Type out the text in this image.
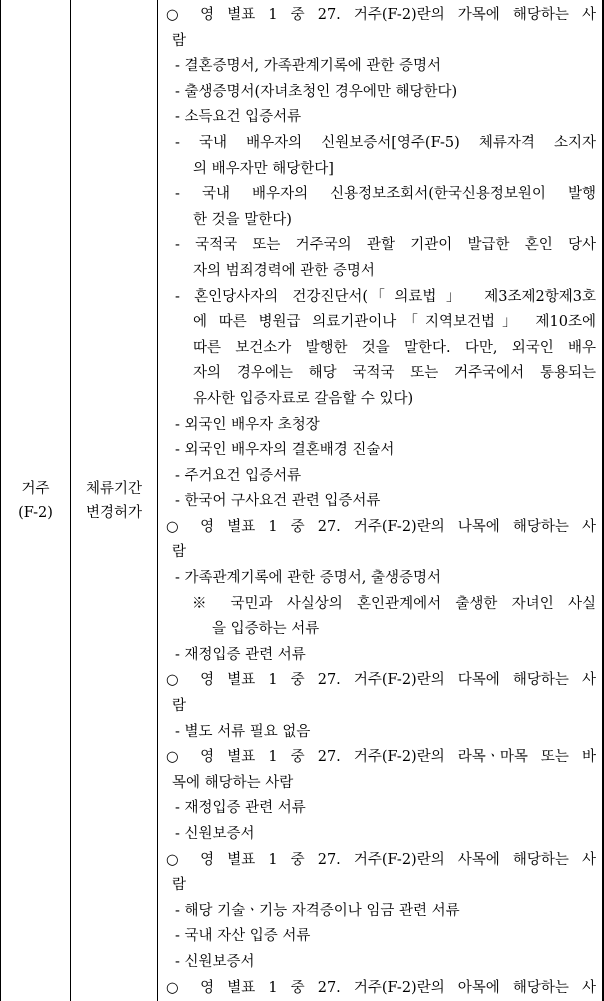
거주
(F-2)
체류기간
변경허가
○ 영 별표 1 중 27. 거주(F-2)란의 가목에 해당하는 사
람
- 결혼증명서, 가족관계기록에 관한 증명서
- 출생증명서(자녀초청인 경우에만 해당한다)
- 소득요건 입증서류
- 국내 배우자의 신원보증서[영주(F-5) 체류자격 소지자
의 배우자만 해당한다]
- 국내 배우자의 신용정보조회서(한국신용정보원이 발행
한 것을 말한다)
- 국적국 또는 거주국의 관할 기관이 발급한 혼인 당사
자의 범죄경력에 관한 증명서
- 혼인당사자의 건강진단서(「의료법」 제3조제2항제3호
에 따른 병원급 의료기관이나「지역보건법」 제10조에
따른 보건소가 발행한 것을 말한다. 다만, 외국인 배우
자의 경우에는 해당 국적국 또는 거주국에서 통용되는
유사한 입증자료로 갈음할 수 있다)
- 외국인 배우자 초청장
- 외국인 배우자의 결혼배경 진술서
- 주거요건 입증서류
- 한국어 구사요건 관련 입증서류
○ 영 별표 1 중 27. 거주(F-2)란의 나목에 해당하는 사
람
- 가족관계기록에 관한 증명서, 출생증명서
※ 국민과 사실상의 혼인관계에서 출생한 자녀인 사실
을 입증하는 서류
- 재정입증 관련 서류
○ 영 별표 1 중 27. 거주(F-2)란의 다목에 해당하는 사
람
- 별도 서류 필요 없음
○ 영 별표 1 중 27. 거주(F-2)란의 라목ㆍ마목 또는 바
목에 해당하는 사람
- 재정입증 관련 서류
- 신원보증서
○ 영 별표 1 중 27. 거주(F-2)란의 사목에 해당하는 사
람
- 해당 기술ㆍ기능 자격증이나 임금 관련 서류
- 국내 자산 입증 서류
- 신원보증서
○ 영 별표 1 중 27. 거주(F-2)란의 아목에 해당하는 사
